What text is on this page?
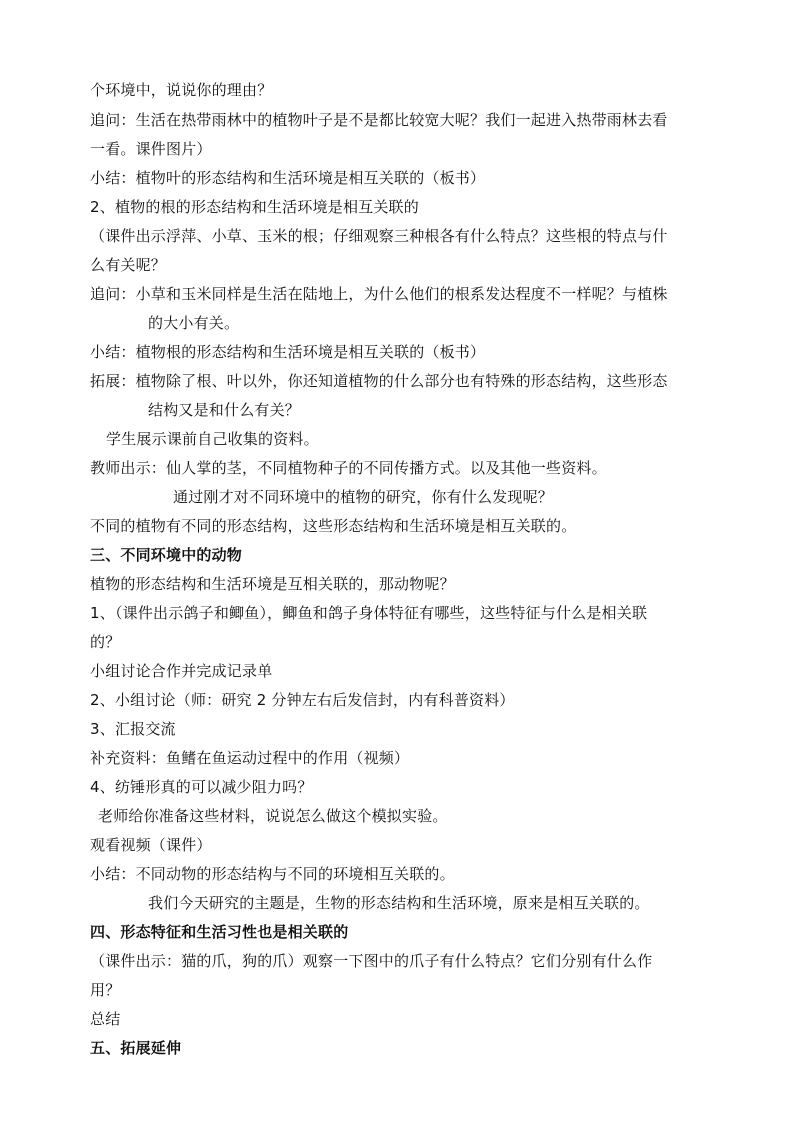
个环境中，说说你的理由？
追问：生活在热带雨林中的植物叶子是不是都比较宽大呢？我们一起进入热带雨林去看
一看。课件图片）
小结：植物叶的形态结构和生活环境是相互关联的（板书）
2、植物的根的形态结构和生活环境是相互关联的
（课件出示浮萍、小草、玉米的根；仔细观察三种根各有什么特点？这些根的特点与什
么有关呢？
追问：小草和玉米同样是生活在陆地上，为什么他们的根系发达程度不一样呢？与植株
的大小有关。
小结：植物根的形态结构和生活环境是相互关联的（板书）
拓展：植物除了根、叶以外，你还知道植物的什么部分也有特殊的形态结构，这些形态
结构又是和什么有关？
学生展示课前自己收集的资料。
教师出示：仙人掌的茎，不同植物种子的不同传播方式。以及其他一些资料。
通过刚才对不同环境中的植物的研究，你有什么发现呢？
不同的植物有不同的形态结构，这些形态结构和生活环境是相互关联的。
三、不同环境中的动物
植物的形态结构和生活环境是互相关联的，那动物呢？
1、（课件出示鸽子和鲫鱼），鲫鱼和鸽子身体特征有哪些，这些特征与什么是相关联
的？
小组讨论合作并完成记录单
2、小组讨论（师：研究 2 分钟左右后发信封，内有科普资料）
3、汇报交流
补充资料：鱼鳍在鱼运动过程中的作用（视频）
4、纺锤形真的可以减少阻力吗？
老师给你准备这些材料，说说怎么做这个模拟实验。
观看视频（课件）
小结：不同动物的形态结构与不同的环境相互关联的。
我们今天研究的主题是，生物的形态结构和生活环境，原来是相互关联的。
四、形态特征和生活习性也是相关联的
（课件出示：猫的爪，狗的爪）观察一下图中的爪子有什么特点？它们分别有什么作
用？
总结
五、拓展延伸
